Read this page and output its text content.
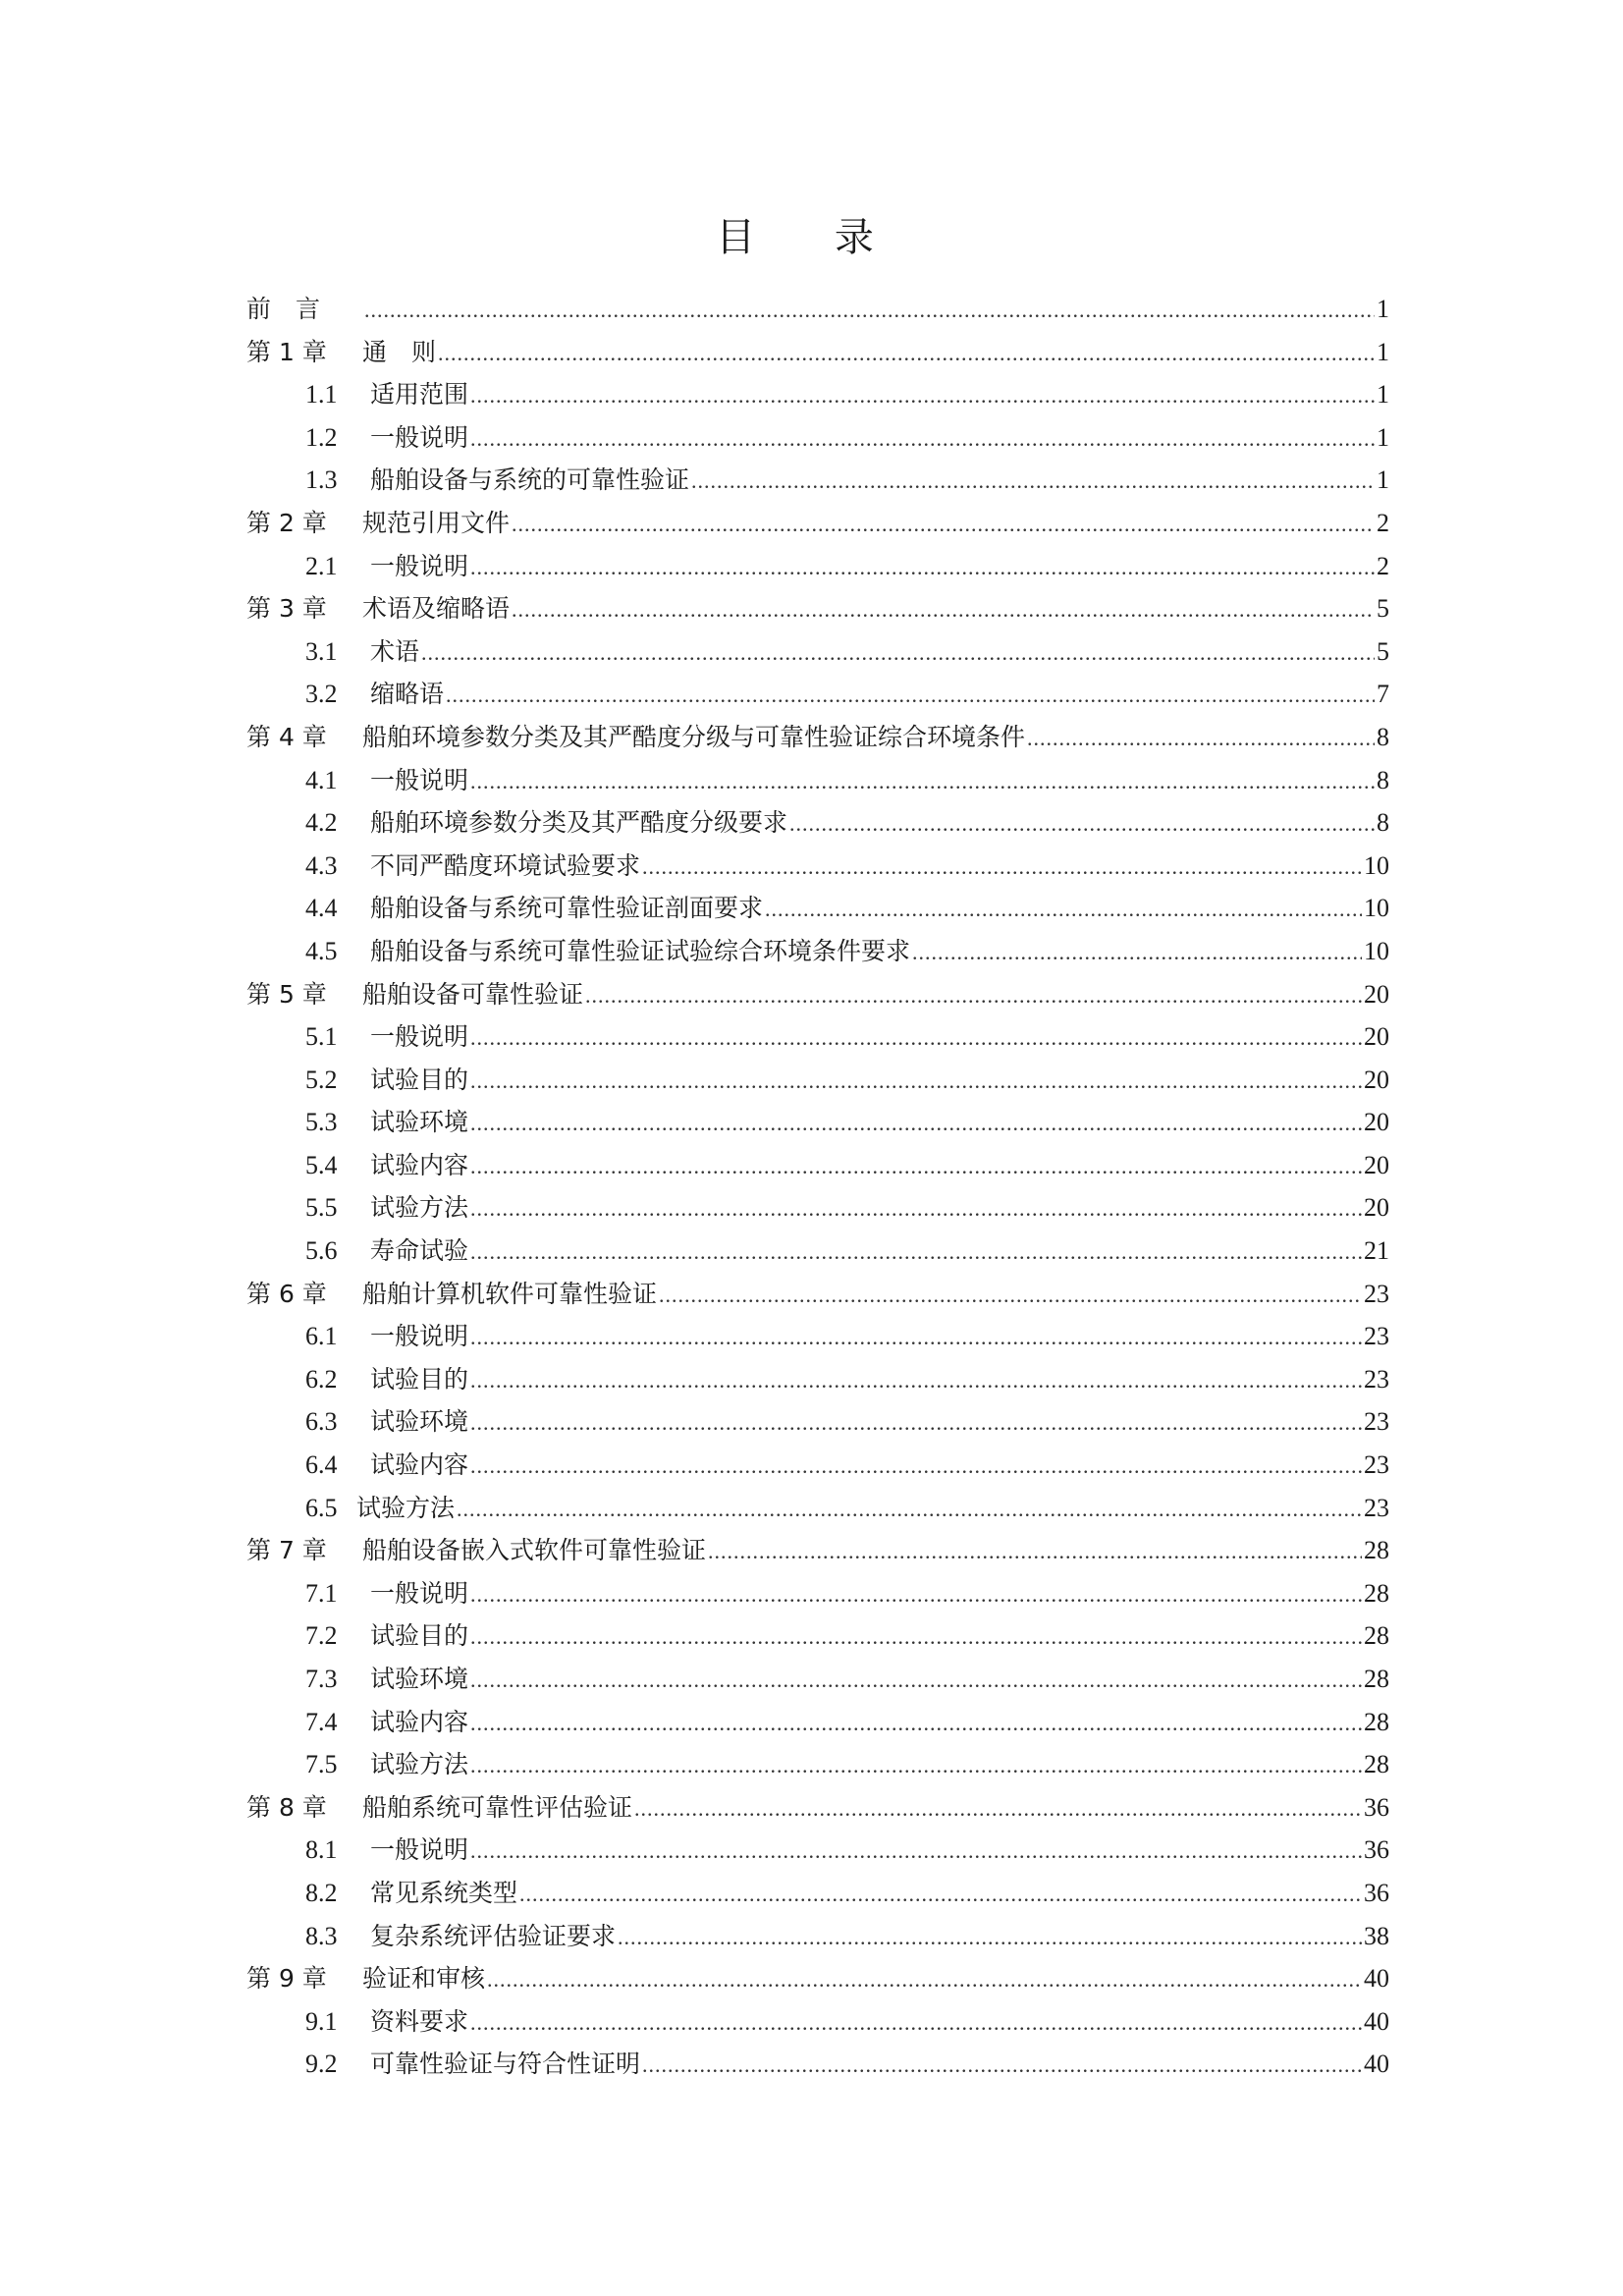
目 录
前　言 .....	1
第 1 章	通　则 .....	1
1.1	适用范围 .....	1
1.2	一般说明 .....	1
1.3	船舶设备与系统的可靠性验证 .....	1
第 2 章	规范引用文件 .....	2
2.1	一般说明 .....	2
第 3 章	术语及缩略语 .....	5
3.1	术语 .....	5
3.2	缩略语 .....	7
第 4 章	船舶环境参数分类及其严酷度分级与可靠性验证综合环境条件 .....	8
4.1	一般说明 .....	8
4.2	船舶环境参数分类及其严酷度分级要求 .....	8
4.3	不同严酷度环境试验要求 .....	10
4.4	船舶设备与系统可靠性验证剖面要求 .....	10
4.5	船舶设备与系统可靠性验证试验综合环境条件要求 .....	10
第 5 章	船舶设备可靠性验证 .....	20
5.1	一般说明 .....	20
5.2	试验目的 .....	20
5.3	试验环境 .....	20
5.4	试验内容 .....	20
5.5	试验方法 .....	20
5.6	寿命试验 .....	21
第 6 章	船舶计算机软件可靠性验证 .....	23
6.1	一般说明 .....	23
6.2	试验目的 .....	23
6.3	试验环境 .....	23
6.4	试验内容 .....	23
6.5 试验方法 .....	23
第 7 章	船舶设备嵌入式软件可靠性验证 .....	28
7.1	一般说明 .....	28
7.2	试验目的 .....	28
7.3	试验环境 .....	28
7.4	试验内容 .....	28
7.5	试验方法 .....	28
第 8 章	船舶系统可靠性评估验证 .....	36
8.1	一般说明 .....	36
8.2	常见系统类型 .....	36
8.3	复杂系统评估验证要求 .....	38
第 9 章	验证和审核 .....	40
9.1	资料要求 .....	40
9.2	可靠性验证与符合性证明 .....	40
